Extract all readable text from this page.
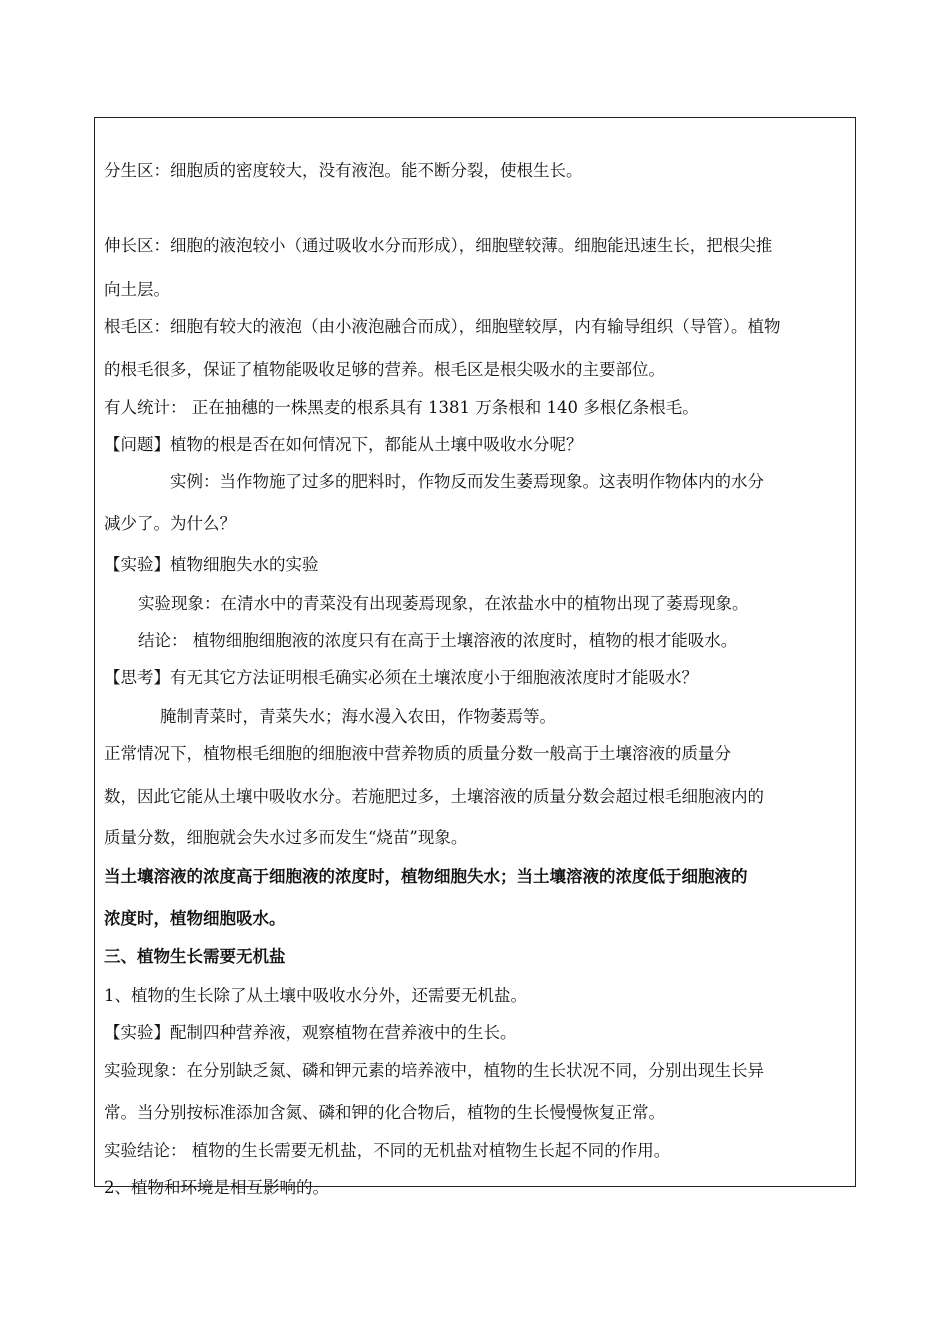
分生区：细胞质的密度较大，没有液泡。能不断分裂，使根生长。
伸长区：细胞的液泡较小（通过吸收水分而形成），细胞壁较薄。细胞能迅速生长，把根尖推
向土层。
根毛区：细胞有较大的液泡（由小液泡融合而成），细胞壁较厚，内有输导组织（导管）。植物
的根毛很多，保证了植物能吸收足够的营养。根毛区是根尖吸水的主要部位。
有人统计： 正在抽穗的一株黑麦的根系具有 1381 万条根和 140 多根亿条根毛。
【问题】植物的根是否在如何情况下，都能从土壤中吸收水分呢？
实例：当作物施了过多的肥料时，作物反而发生萎焉现象。这表明作物体内的水分
减少了。为什么？
【实验】植物细胞失水的实验
实验现象：在清水中的青菜没有出现萎焉现象，在浓盐水中的植物出现了萎焉现象。
结论： 植物细胞细胞液的浓度只有在高于土壤溶液的浓度时，植物的根才能吸水。
【思考】有无其它方法证明根毛确实必须在土壤浓度小于细胞液浓度时才能吸水？
腌制青菜时，青菜失水；海水漫入农田，作物萎焉等。
正常情况下，植物根毛细胞的细胞液中营养物质的质量分数一般高于土壤溶液的质量分
数，因此它能从土壤中吸收水分。若施肥过多，土壤溶液的质量分数会超过根毛细胞液内的
质量分数，细胞就会失水过多而发生“烧苗”现象。
当土壤溶液的浓度高于细胞液的浓度时，植物细胞失水；当土壤溶液的浓度低于细胞液的
浓度时，植物细胞吸水。
三、植物生长需要无机盐
1、植物的生长除了从土壤中吸收水分外，还需要无机盐。
【实验】配制四种营养液，观察植物在营养液中的生长。
实验现象：在分别缺乏氮、磷和钾元素的培养液中，植物的生长状况不同，分别出现生长异
常。当分别按标准添加含氮、磷和钾的化合物后，植物的生长慢慢恢复正常。
实验结论： 植物的生长需要无机盐，不同的无机盐对植物生长起不同的作用。
2、植物和环境是相互影响的。
